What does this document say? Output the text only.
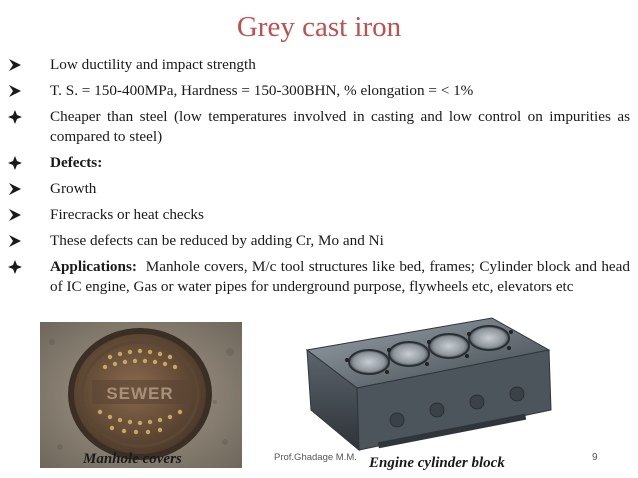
Grey cast iron
Low ductility and impact strength
T. S. = 150-400MPa, Hardness = 150-300BHN, % elongation = < 1%
Cheaper than steel (low temperatures involved in casting and low control on impurities as compared to steel)
Defects:
Growth
Firecracks or heat checks
These defects can be reduced by adding Cr, Mo and Ni
Applications: Manhole covers, M/c tool structures like bed, frames; Cylinder block and head of IC engine, Gas or water pipes for underground purpose, flywheels etc, elevators etc
SEWER
Manhole covers	Prof.Ghadage M.M. Engine cylinder block	9
